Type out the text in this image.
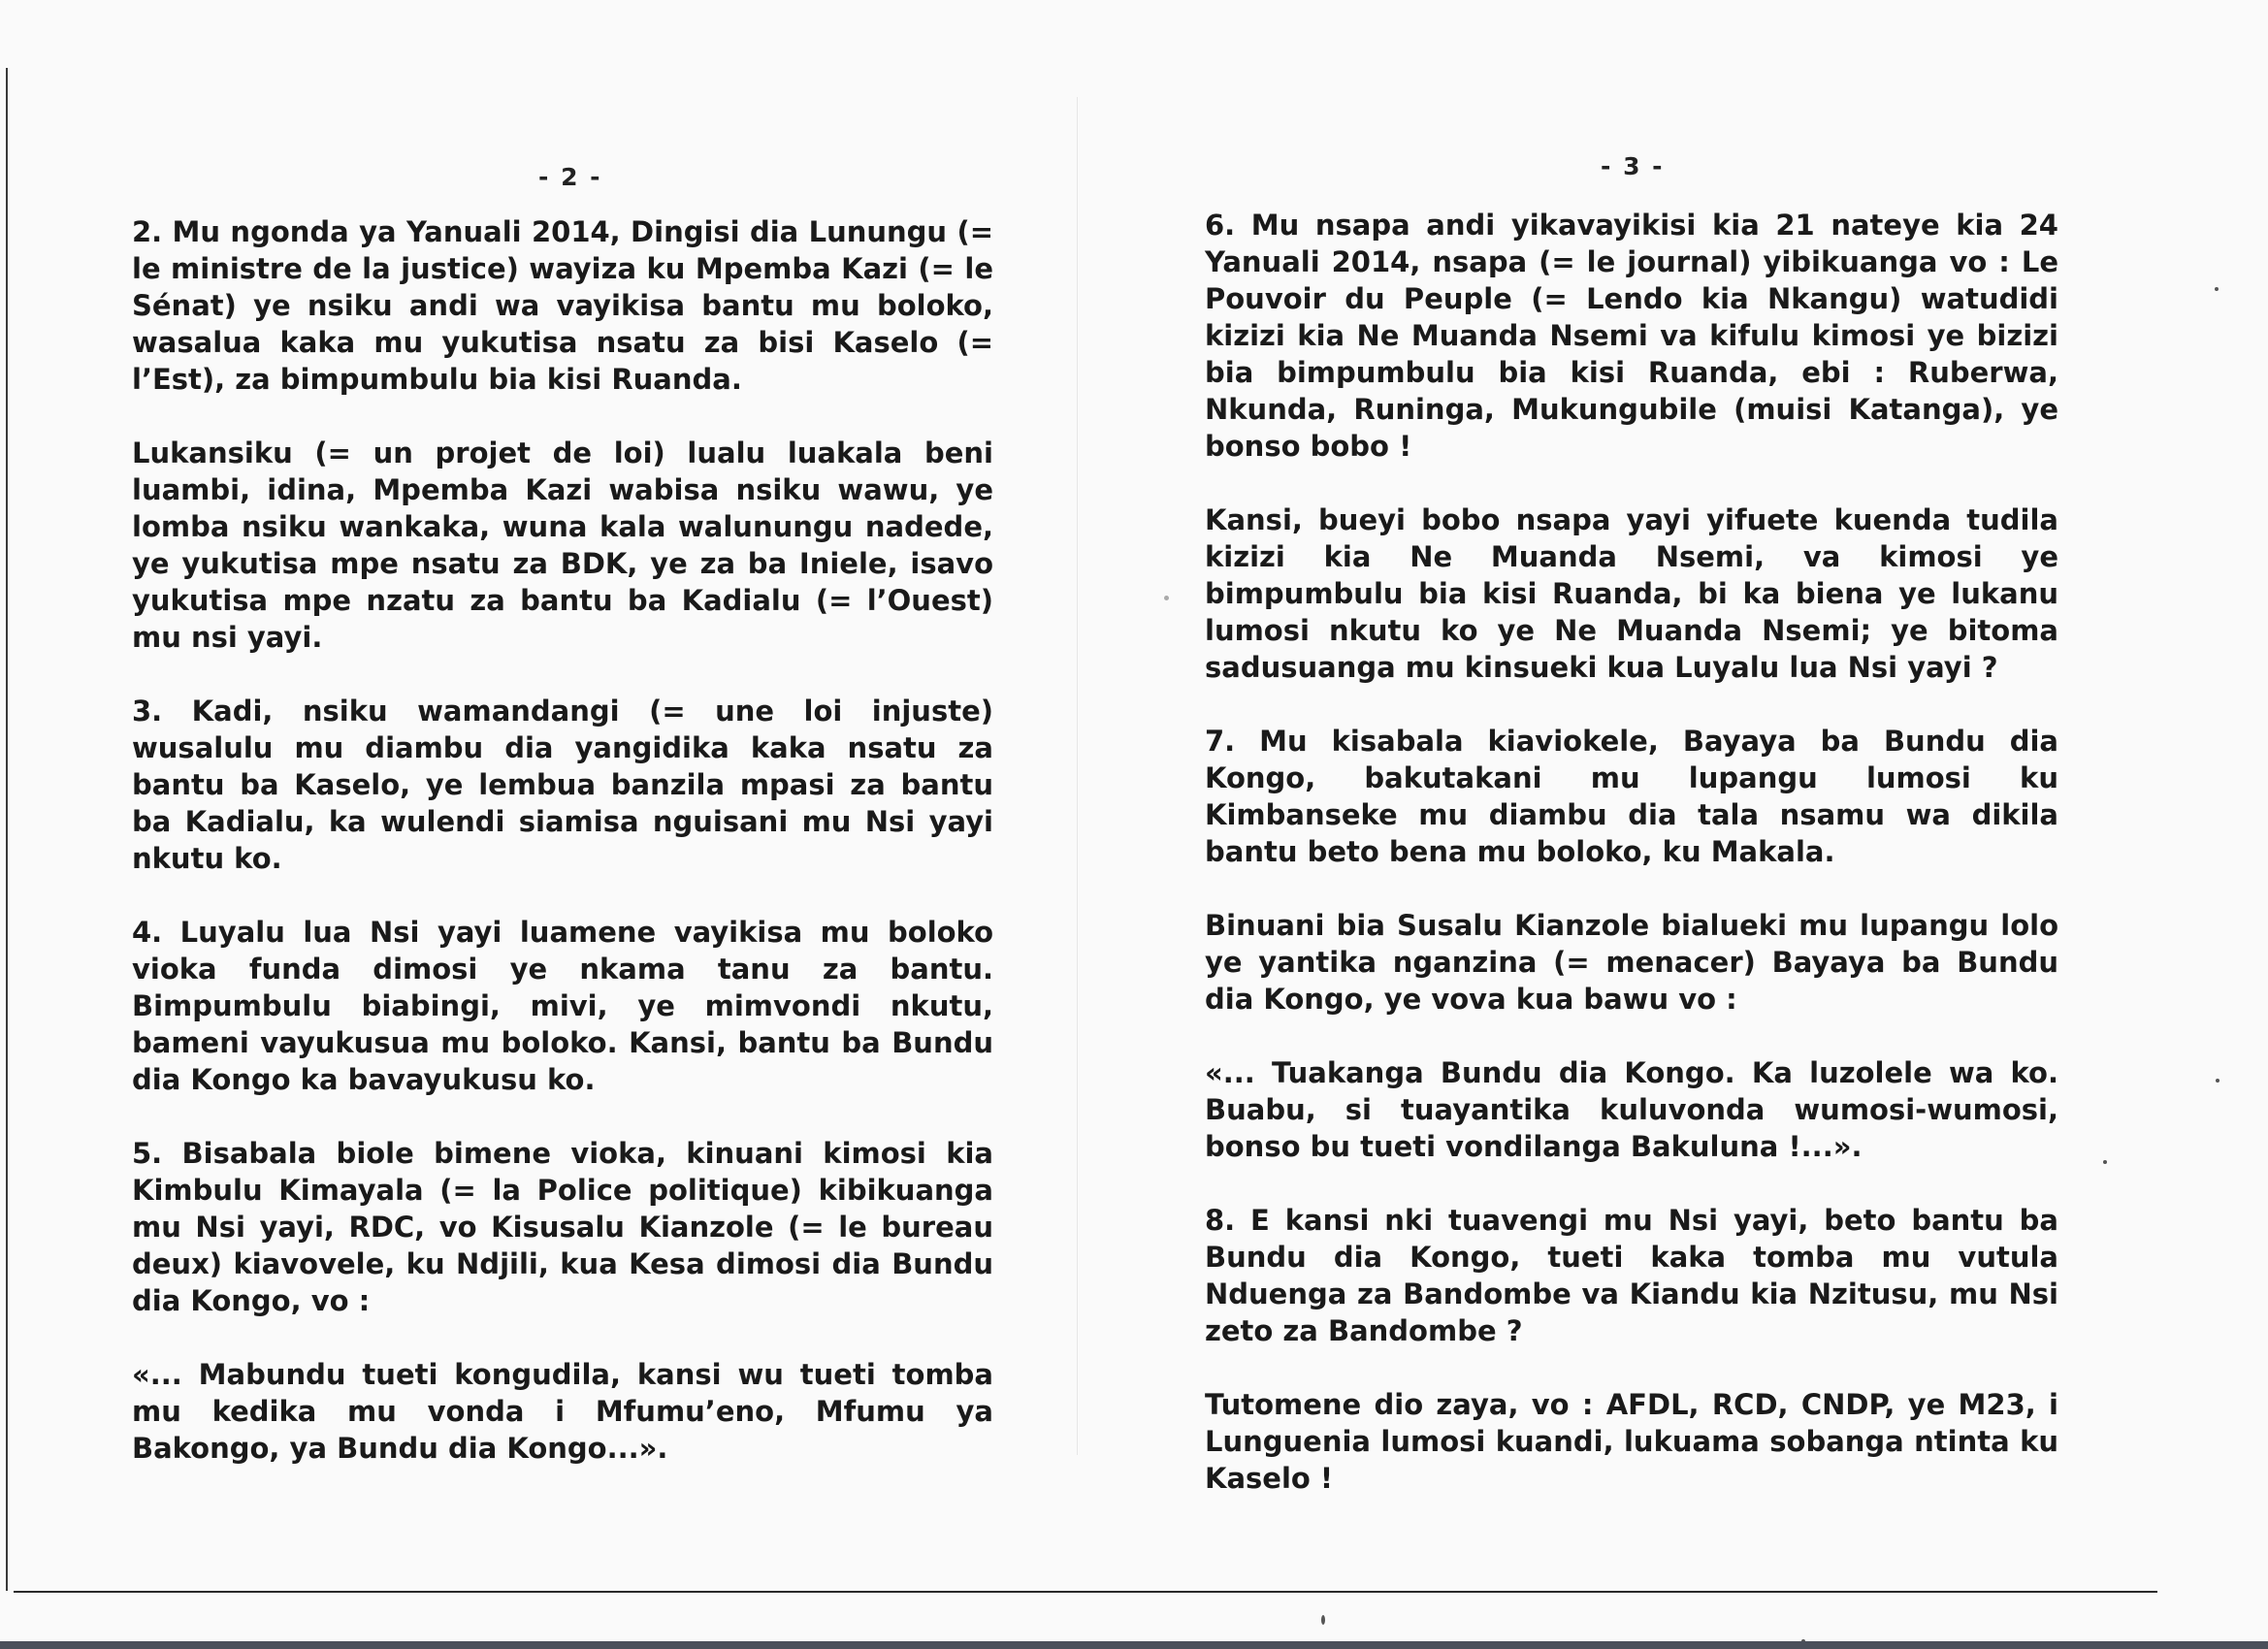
- 2 -	- 3 -

2. Mu ngonda ya Yanuali 2014, Dingisi dia Lunungu (= le ministre de la justice) wayiza ku Mpemba Kazi (= le Sénat) ye nsiku andi wa vayikisa bantu mu boloko, wasalua kaka mu yukutisa nsatu za bisi Kaselo (= l’Est), za bimpumbulu bia kisi Ruanda.

Lukansiku (= un projet de loi) lualu luakala beni luambi, idina, Mpemba Kazi wabisa nsiku wawu, ye lomba nsiku wankaka, wuna kala walunungu nadede, ye yukutisa mpe nsatu za BDK, ye za ba Iniele, isavo yukutisa mpe nzatu za bantu ba Kadialu (= l’Ouest) mu nsi yayi.

3. Kadi, nsiku wamandangi (= une loi injuste) wusalulu mu diambu dia yangidika kaka nsatu za bantu ba Kaselo, ye lembua banzila mpasi za bantu ba Kadialu, ka wulendi siamisa nguisani mu Nsi yayi nkutu ko.

4. Luyalu lua Nsi yayi luamene vayikisa mu boloko vioka funda dimosi ye nkama tanu za bantu. Bimpumbulu biabingi, mivi, ye mimvondi nkutu, bameni vayukusua mu boloko. Kansi, bantu ba Bundu dia Kongo ka bavayukusu ko.

5. Bisabala biole bimene vioka, kinuani kimosi kia Kimbulu Kimayala (= la Police politique) kibikuanga mu Nsi yayi, RDC, vo Kisusalu Kianzole (= le bureau deux) kiavovele, ku Ndjili, kua Kesa dimosi dia Bundu dia Kongo, vo :

«... Mabundu tueti kongudila, kansi wu tueti tomba mu kedika mu vonda i Mfumu’eno, Mfumu ya Bakongo, ya Bundu dia Kongo...».

6. Mu nsapa andi yikavayikisi kia 21 nateye kia 24 Yanuali 2014, nsapa (= le journal) yibikuanga vo : Le Pouvoir du Peuple (= Lendo kia Nkangu) watudidi kizizi kia Ne Muanda Nsemi va kifulu kimosi ye bizizi bia bimpumbulu bia kisi Ruanda, ebi : Ruberwa, Nkunda, Runinga, Mukungubile (muisi Katanga), ye bonso bobo !

Kansi, bueyi bobo nsapa yayi yifuete kuenda tudila kizizi kia Ne Muanda Nsemi, va kimosi ye bimpumbulu bia kisi Ruanda, bi ka biena ye lukanu lumosi nkutu ko ye Ne Muanda Nsemi; ye bitoma sadusuanga mu kinsueki kua Luyalu lua Nsi yayi ?

7. Mu kisabala kiaviokele, Bayaya ba Bundu dia Kongo, bakutakani mu lupangu lumosi ku Kimbanseke mu diambu dia tala nsamu wa dikila bantu beto bena mu boloko, ku Makala.

Binuani bia Susalu Kianzole bialueki mu lupangu lolo ye yantika nganzina (= menacer) Bayaya ba Bundu dia Kongo, ye vova kua bawu vo :

«... Tuakanga Bundu dia Kongo. Ka luzolele wa ko. Buabu, si tuayantika kuluvonda wumosi-wumosi, bonso bu tueti vondilanga Bakuluna !...».

8. E kansi nki tuavengi mu Nsi yayi, beto bantu ba Bundu dia Kongo, tueti kaka tomba mu vutula Nduenga za Bandombe va Kiandu kia Nzitusu, mu Nsi zeto za Bandombe ?

Tutomene dio zaya, vo : AFDL, RCD, CNDP, ye M23, i Lunguenia lumosi kuandi, lukuama sobanga ntinta ku Kaselo !
